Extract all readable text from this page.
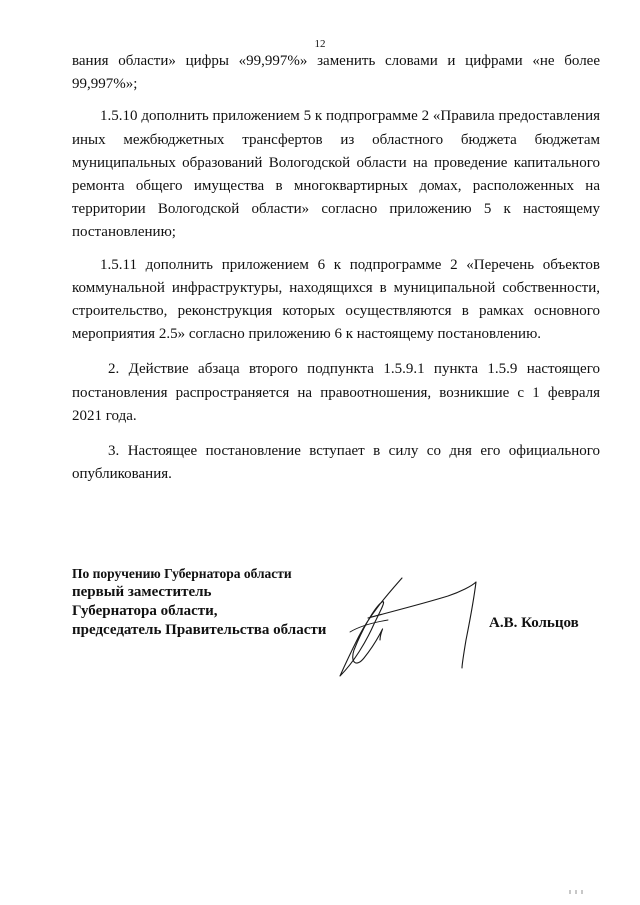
12

вания области» цифры «99,997%» заменить словами и цифрами «не более 99,997%»;

1.5.10 дополнить приложением 5 к подпрограмме 2 «Правила предоставления иных межбюджетных трансфертов из областного бюджета бюджетам муниципальных образований Вологодской области на проведение капитального ремонта общего имущества в многоквартирных домах, расположенных на территории Вологодской области» согласно приложению 5 к настоящему постановлению;

1.5.11 дополнить приложением 6 к подпрограмме 2 «Перечень объектов коммунальной инфраструктуры, находящихся в муниципальной собственности, строительство, реконструкция которых осуществляются в рамках основного мероприятия 2.5» согласно приложению 6 к настоящему постановлению.

2. Действие абзаца второго подпункта 1.5.9.1 пункта 1.5.9 настоящего постановления распространяется на правоотношения, возникшие с 1 февраля 2021 года.

3. Настоящее постановление вступает в силу со дня его официального опубликования.

По поручению Губернатора области
первый заместитель
Губернатора области,
председатель Правительства области	А.В. Кольцов
